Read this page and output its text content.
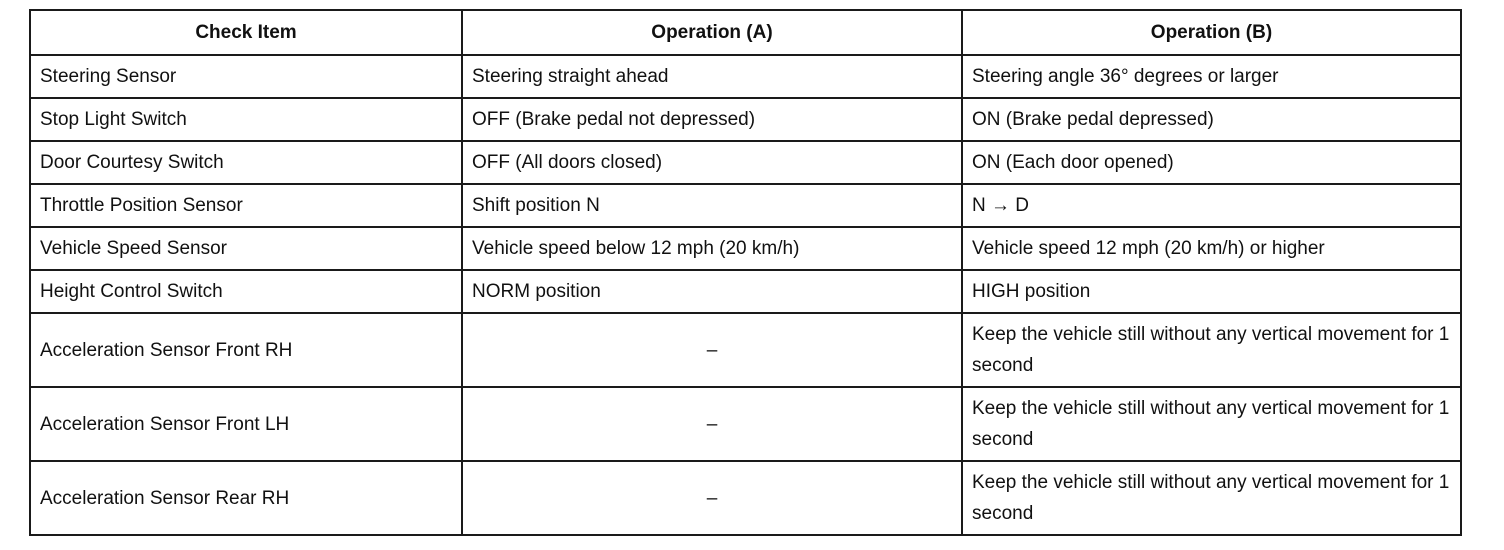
Check Item	Operation (A)	Operation (B)
Steering Sensor	Steering straight ahead	Steering angle 36° degrees or larger
Stop Light Switch	OFF (Brake pedal not depressed)	ON (Brake pedal depressed)
Door Courtesy Switch	OFF (All doors closed)	ON (Each door opened)
Throttle Position Sensor	Shift position N	N → D
Vehicle Speed Sensor	Vehicle speed below 12 mph (20 km/h)	Vehicle speed 12 mph (20 km/h) or higher
Height Control Switch	NORM position	HIGH position
Acceleration Sensor Front RH	–	Keep the vehicle still without any vertical movement for 1 second
Acceleration Sensor Front LH	–	Keep the vehicle still without any vertical movement for 1 second
Acceleration Sensor Rear RH	–	Keep the vehicle still without any vertical movement for 1 second
